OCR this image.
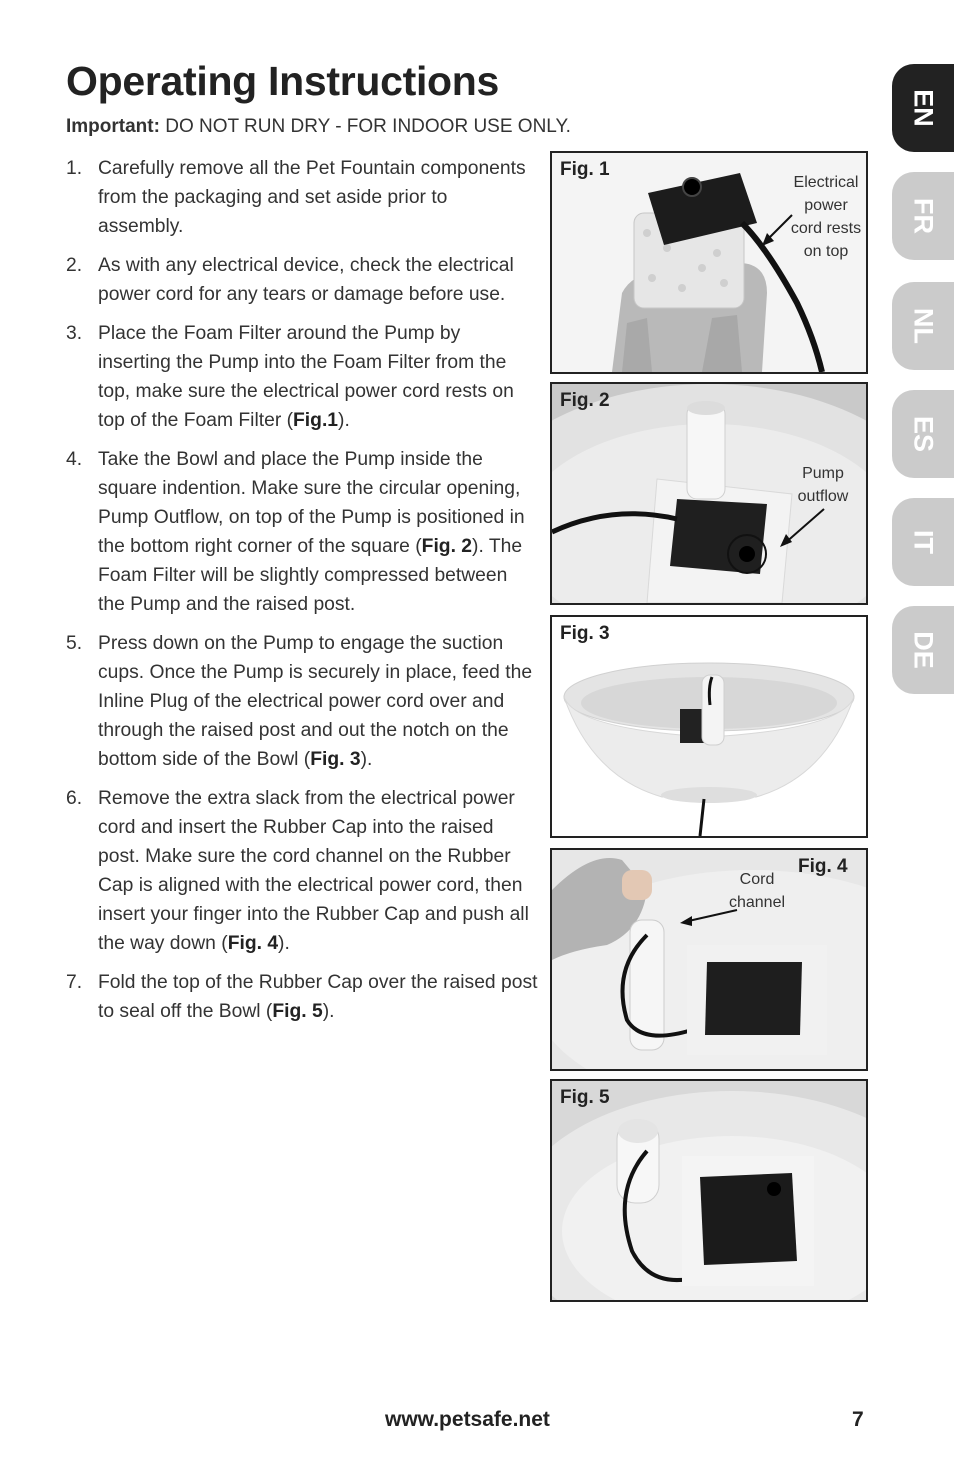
Operating Instructions
Important: DO NOT RUN DRY - FOR INDOOR USE ONLY.
1. Carefully remove all the Pet Fountain components from the packaging and set aside prior to assembly.
2. As with any electrical device, check the electrical power cord for any tears or damage before use.
3. Place the Foam Filter around the Pump by inserting the Pump into the Foam Filter from the top, make sure the electrical power cord rests on top of the Foam Filter (Fig.1).
4. Take the Bowl and place the Pump inside the square indention. Make sure the circular opening, Pump Outflow, on top of the Pump is positioned in the bottom right corner of the square (Fig. 2). The Foam Filter will be slightly compressed between the Pump and the raised post.
5. Press down on the Pump to engage the suction cups. Once the Pump is securely in place, feed the Inline Plug of the electrical power cord over and through the raised post and out the notch on the bottom side of the Bowl (Fig. 3).
6. Remove the extra slack from the electrical power cord and insert the Rubber Cap into the raised post. Make sure the cord channel on the Rubber Cap is aligned with the electrical power cord, then insert your finger into the Rubber Cap and push all the way down (Fig. 4).
7. Fold the top of the Rubber Cap over the raised post to seal off the Bowl (Fig. 5).
Fig. 1
Electrical
power
cord rests
on top
Fig. 2
Pump
outflow
Fig. 3
Fig. 4
Cord
channel
Fig. 5
EN
FR
NL
ES
IT
DE
www.petsafe.net	7
